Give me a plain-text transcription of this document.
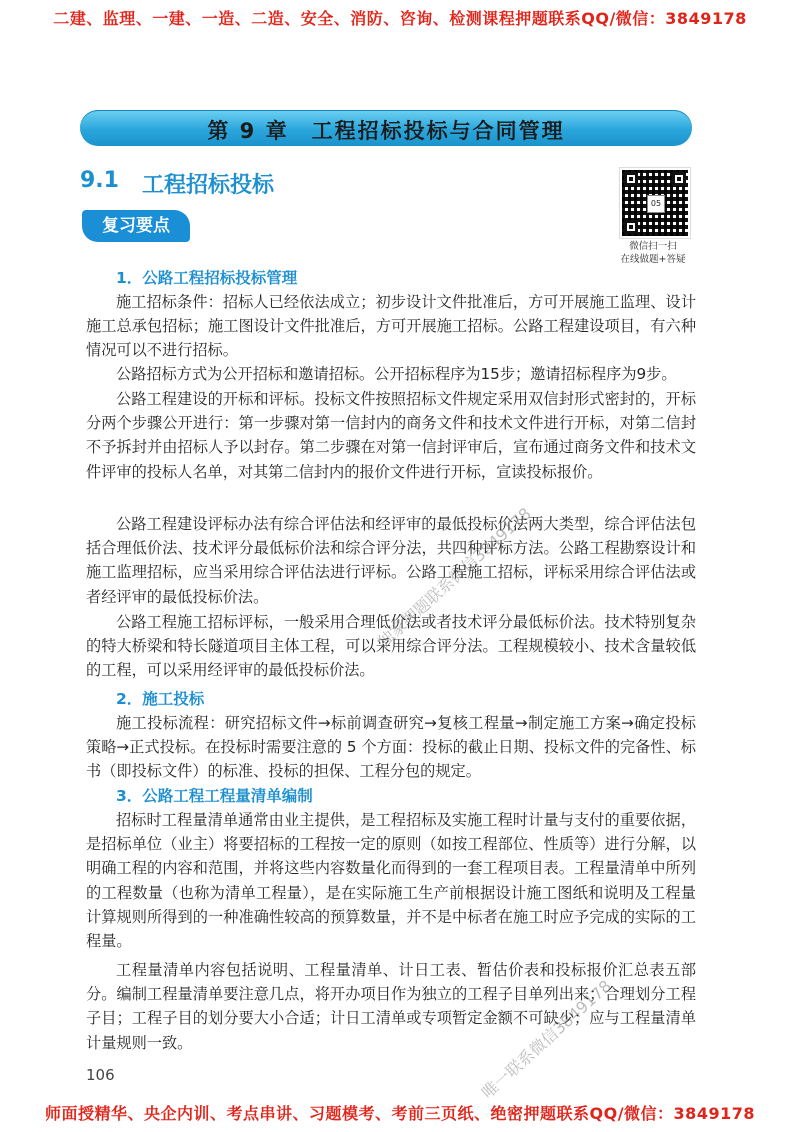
二建、监理、一建、一造、二造、安全、消防、咨询、检测课程押题联系QQ/微信：3849178
第 9 章　工程招标投标与合同管理
9.1 工程招标投标
复习要点
05
微信扫一扫
在线做题+答疑
1．公路工程招标投标管理

施工招标条件：招标人已经依法成立；初步设计文件批准后，方可开展施工监理、设计施工总承包招标；施工图设计文件批准后，方可开展施工招标。公路工程建设项目，有六种情况可以不进行招标。

公路招标方式为公开招标和邀请招标。公开招标程序为15步；邀请招标程序为9步。

公路工程建设的开标和评标。投标文件按照招标文件规定采用双信封形式密封的，开标分两个步骤公开进行：第一步骤对第一信封内的商务文件和技术文件进行开标，对第二信封不予拆封并由招标人予以封存。第二步骤在对第一信封评审后，宣布通过商务文件和技术文件评审的投标人名单，对其第二信封内的报价文件进行开标，宣读投标报价。

公路工程建设评标办法有综合评估法和经评审的最低投标价法两大类型，综合评估法包括合理低价法、技术评分最低标价法和综合评分法，共四种评标方法。公路工程勘察设计和施工监理招标，应当采用综合评估法进行评标。公路工程施工招标，评标采用综合评估法或者经评审的最低投标价法。

公路工程施工招标评标，一般采用合理低价法或者技术评分最低标价法。技术特别复杂的特大桥梁和特长隧道项目主体工程，可以采用综合评分法。工程规模较小、技术含量较低的工程，可以采用经评审的最低投标价法。

2．施工投标

施工投标流程：研究招标文件→标前调查研究→复核工程量→制定施工方案→确定投标策略→正式投标。在投标时需要注意的 5 个方面：投标的截止日期、投标文件的完备性、标书（即投标文件）的标准、投标的担保、工程分包的规定。

3．公路工程工程量清单编制

招标时工程量清单通常由业主提供，是工程招标及实施工程时计量与支付的重要依据，是招标单位（业主）将要招标的工程按一定的原则（如按工程部位、性质等）进行分解，以明确工程的内容和范围，并将这些内容数量化而得到的一套工程项目表。工程量清单中所列的工程数量（也称为清单工程量），是在实际施工生产前根据设计施工图纸和说明及工程量计算规则所得到的一种准确性较高的预算数量，并不是中标者在施工时应予完成的实际的工程量。

工程量清单内容包括说明、工程量清单、计日工表、暂估价表和投标报价汇总表五部分。编制工程量清单要注意几点，将开办项目作为独立的工程子目单列出来；合理划分工程子目；工程子目的划分要大小合适；计日工清单或专项暂定金额不可缺少；应与工程量清单计量规则一致。

106
独家押题联系微信3849178
唯一联系微信3849178
师面授精华、央企内训、考点串讲、习题模考、考前三页纸、绝密押题联系QQ/微信：3849178
